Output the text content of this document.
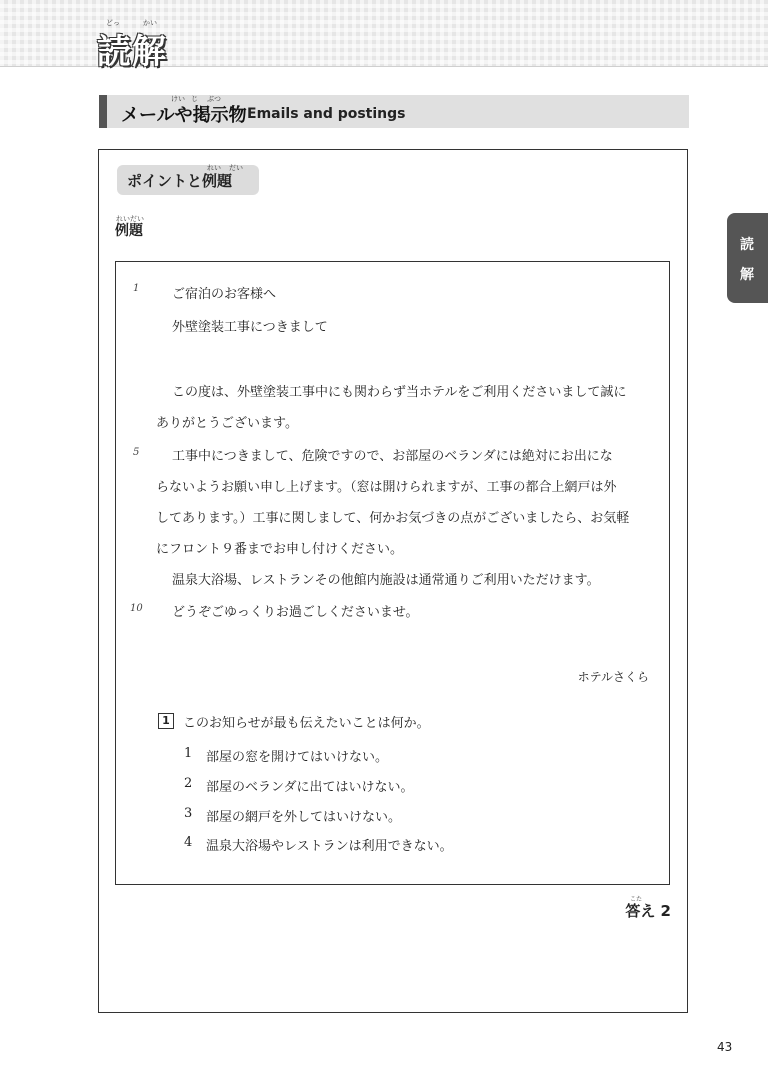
どっ	かい
読解
けい じ ぶつ
メールや掲示物 Emails and postings
れい だい
ポイントと例題
れい だい
例題
1	ご宿泊のお客様へ
外壁塗装工事につきまして
この度は、外壁塗装工事中にも関わらず当ホテルをご利用くださいまして誠に
ありがとうございます。
5	工事中につきまして、危険ですので、お部屋のベランダには絶対にお出にな
らないようお願い申し上げます。（窓は開けられますが、工事の都合上網戸は外
してあります。）工事に関しまして、何かお気づきの点がございましたら、お気軽
にフロント９番までお申し付けください。
温泉大浴場、レストランその他館内施設は通常通りご利用いただけます。
10 どうぞごゆっくりお過ごしくださいませ。
ホテルさくら
1	このお知らせが最も伝えたいことは何か。
1 部屋の窓を開けてはいけない。
2 部屋のベランダに出てはいけない。
3 部屋の網戸を外してはいけない。
4 温泉大浴場やレストランは利用できない。
こた
答え 2
読
解
43
